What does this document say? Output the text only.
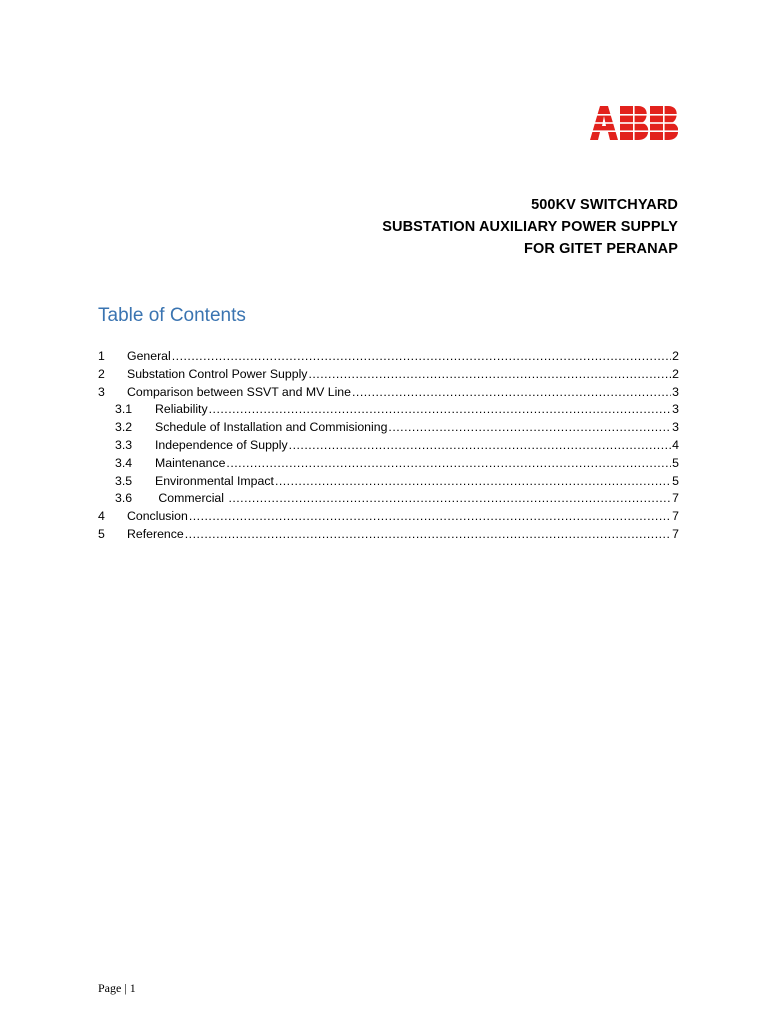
500KV SWITCHYARD
SUBSTATION AUXILIARY POWER SUPPLY
FOR GITET PERANAP
Table of Contents
1	General .....	2
2	Substation Control Power Supply .....	2
3	Comparison between SSVT and MV Line .....	3
3.1	Reliability .....	3
3.2	Schedule of Installation and Commisioning .....	3
3.3	Independence of Supply .....	4
3.4	Maintenance .....	5
3.5	Environmental Impact .....	5
3.6	Commercial .....	7
4	Conclusion .....	7
5	Reference .....	7
Page | 1
